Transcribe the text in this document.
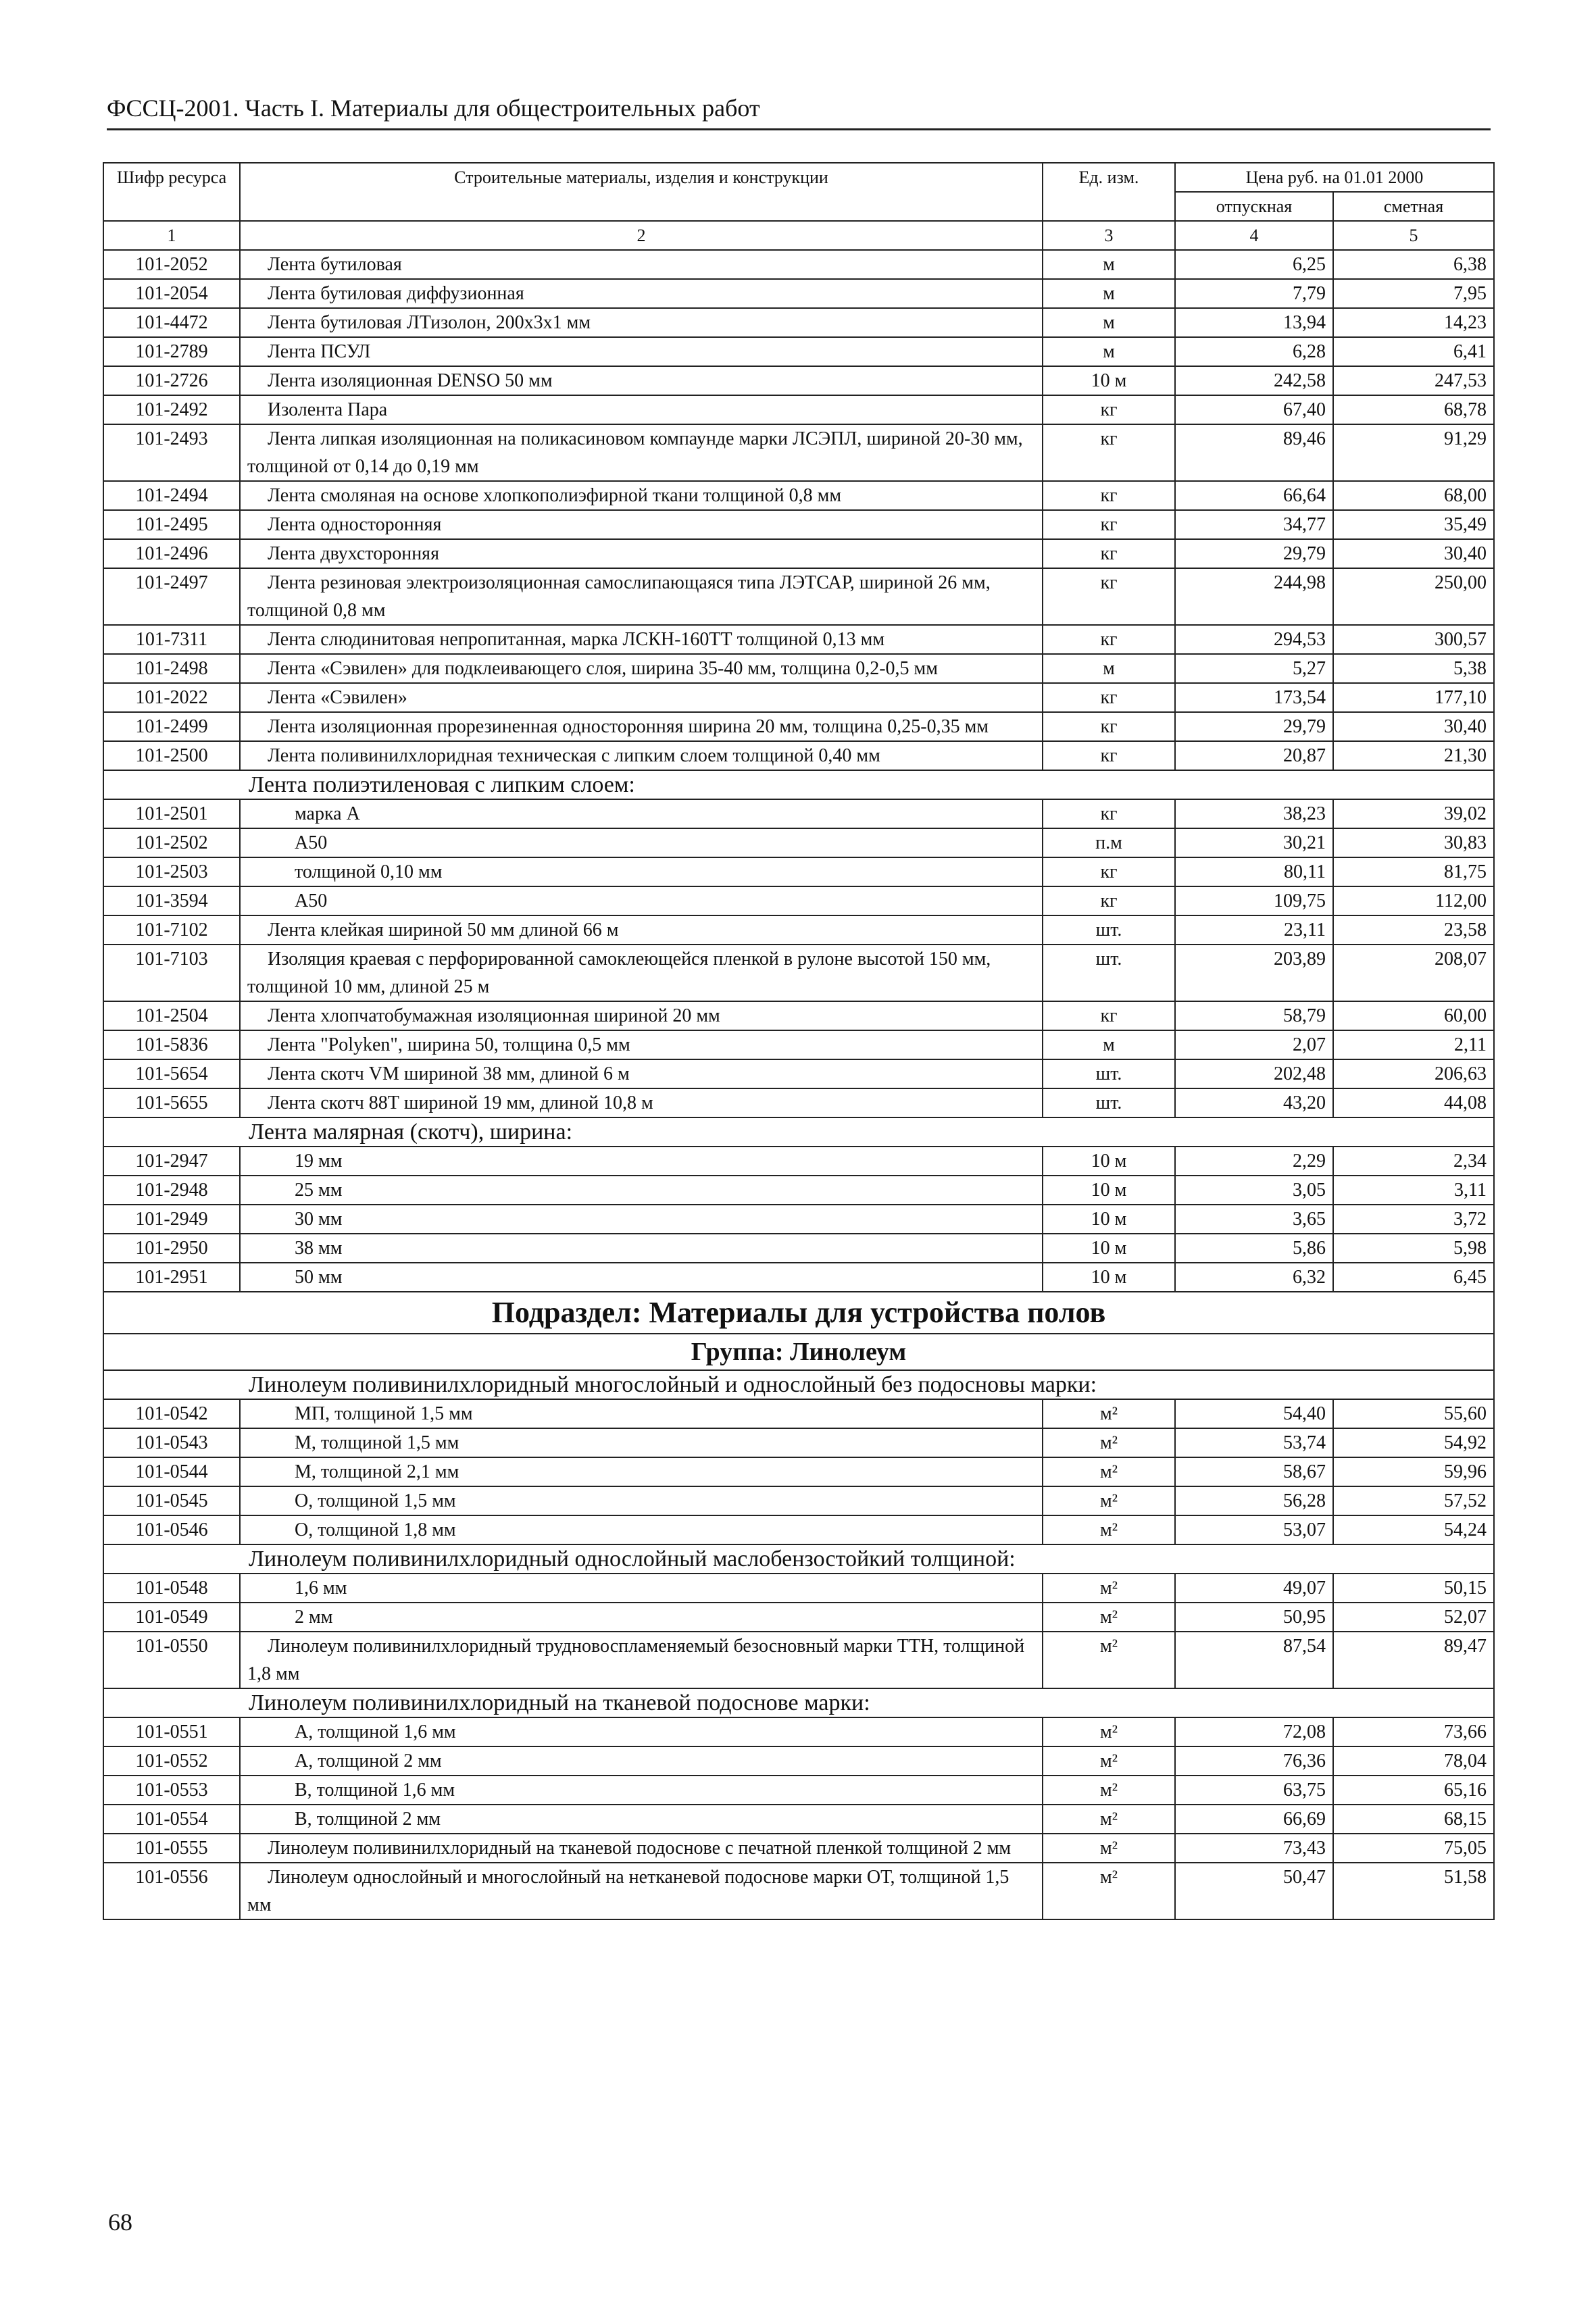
ФССЦ-2001. Часть I. Материалы для общестроительных работ
Шифр ресурса	Строительные материалы, изделия и конструкции	Ед. изм.	Цена руб. на 01.01 2000	
			отпускная	сметная
1	2	3	4	5
101-2052	Лента бутиловая	м	6,25	6,38
101-2054	Лента бутиловая диффузионная	м	7,79	7,95
101-4472	Лента бутиловая ЛТизолон, 200x3x1 мм	м	13,94	14,23
101-2789	Лента ПСУЛ	м	6,28	6,41
101-2726	Лента изоляционная DENSO 50 мм	10 м	242,58	247,53
101-2492	Изолента Пара	кг	67,40	68,78
101-2493	Лента липкая изоляционная на поликасиновом компаунде марки ЛСЭПЛ, шириной 20-30 мм, толщиной от 0,14 до 0,19 мм	кг	89,46	91,29
101-2494	Лента смоляная на основе хлопкополиэфирной ткани толщиной 0,8 мм	кг	66,64	68,00
101-2495	Лента односторонняя	кг	34,77	35,49
101-2496	Лента двухсторонняя	кг	29,79	30,40
101-2497	Лента резиновая электроизоляционная самослипающаяся типа ЛЭТСАР, шириной 26 мм, толщиной 0,8 мм	кг	244,98	250,00
101-7311	Лента слюдинитовая непропитанная, марка ЛСКН-160ТТ толщиной 0,13 мм	кг	294,53	300,57
101-2498	Лента «Сэвилен» для подклеивающего слоя, ширина 35-40 мм, толщина 0,2-0,5 мм	м	5,27	5,38
101-2022	Лента «Сэвилен»	кг	173,54	177,10
101-2499	Лента изоляционная прорезиненная односторонняя ширина 20 мм, толщина 0,25-0,35 мм	кг	29,79	30,40
101-2500	Лента поливинилхлоридная техническая с липким слоем толщиной 0,40 мм	кг	20,87	21,30
Лента полиэтиленовая с липким слоем:				
101-2501	марка А	кг	38,23	39,02
101-2502	А50	п.м	30,21	30,83
101-2503	толщиной 0,10 мм	кг	80,11	81,75
101-3594	А50	кг	109,75	112,00
101-7102	Лента клейкая шириной 50 мм длиной 66 м	шт.	23,11	23,58
101-7103	Изоляция краевая с перфорированной самоклеющейся пленкой в рулоне высотой 150 мм, толщиной 10 мм, длиной 25 м	шт.	203,89	208,07
101-2504	Лента хлопчатобумажная изоляционная шириной 20 мм	кг	58,79	60,00
101-5836	Лента "Polyken", ширина 50, толщина 0,5 мм	м	2,07	2,11
101-5654	Лента скотч VM шириной 38 мм, длиной 6 м	шт.	202,48	206,63
101-5655	Лента скотч 88Т шириной 19 мм, длиной 10,8 м	шт.	43,20	44,08
Лента малярная (скотч), ширина:				
101-2947	19 мм	10 м	2,29	2,34
101-2948	25 мм	10 м	3,05	3,11
101-2949	30 мм	10 м	3,65	3,72
101-2950	38 мм	10 м	5,86	5,98
101-2951	50 мм	10 м	6,32	6,45
Подраздел: Материалы для устройства полов				
Группа: Линолеум				
Линолеум поливинилхлоридный многослойный и однослойный без подосновы марки:				
101-0542	МП, толщиной 1,5 мм	м²	54,40	55,60
101-0543	М, толщиной 1,5 мм	м²	53,74	54,92
101-0544	М, толщиной 2,1 мм	м²	58,67	59,96
101-0545	О, толщиной 1,5 мм	м²	56,28	57,52
101-0546	О, толщиной 1,8 мм	м²	53,07	54,24
Линолеум поливинилхлоридный однослойный маслобензостойкий толщиной:				
101-0548	1,6 мм	м²	49,07	50,15
101-0549	2 мм	м²	50,95	52,07
101-0550	Линолеум поливинилхлоридный трудновоспламеняемый безосновный марки ТТН, толщиной 1,8 мм	м²	87,54	89,47
Линолеум поливинилхлоридный на тканевой подоснове марки:				
101-0551	А, толщиной 1,6 мм	м²	72,08	73,66
101-0552	А, толщиной 2 мм	м²	76,36	78,04
101-0553	В, толщиной 1,6 мм	м²	63,75	65,16
101-0554	В, толщиной 2 мм	м²	66,69	68,15
101-0555	Линолеум поливинилхлоридный на тканевой подоснове с печатной пленкой толщиной 2 мм	м²	73,43	75,05
101-0556	Линолеум однослойный и многослойный на нетканевой подоснове марки ОТ, толщиной 1,5 мм	м²	50,47	51,58
68
